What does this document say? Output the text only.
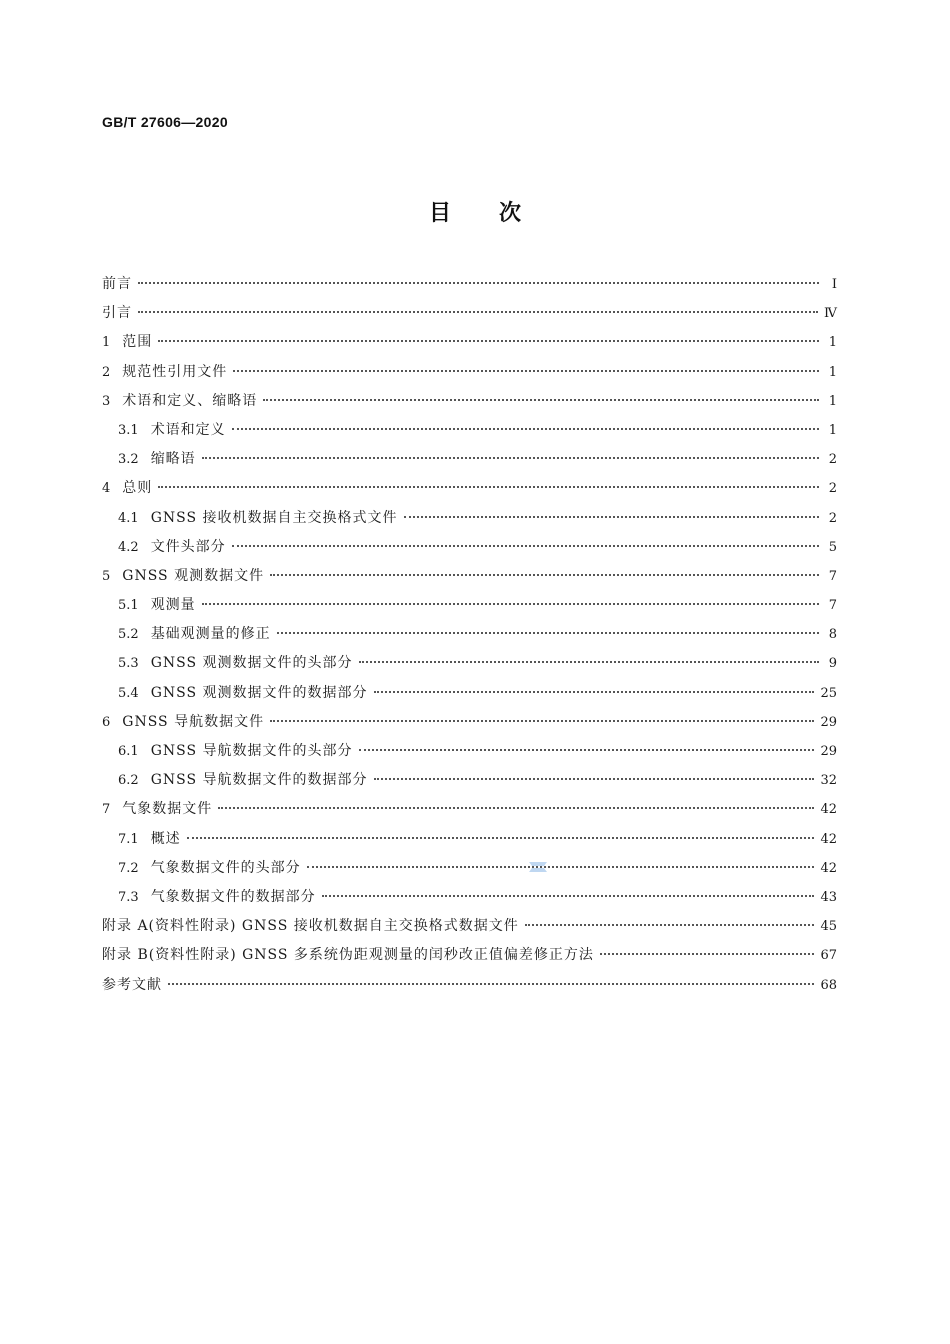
GB/T 27606—2020
目次
前言	Ⅰ
引言	Ⅳ
1 范围	1
2 规范性引用文件	1
3 术语和定义、缩略语	1
3.1 术语和定义	1
3.2 缩略语	2
4 总则	2
4.1 GNSS 接收机数据自主交换格式文件	2
4.2 文件头部分	5
5 GNSS 观测数据文件	7
5.1 观测量	7
5.2 基础观测量的修正	8
5.3 GNSS 观测数据文件的头部分	9
5.4 GNSS 观测数据文件的数据部分	25
6 GNSS 导航数据文件	29
6.1 GNSS 导航数据文件的头部分	29
6.2 GNSS 导航数据文件的数据部分	32
7 气象数据文件	42
7.1 概述	42
7.2 气象数据文件的头部分	42
7.3 气象数据文件的数据部分	43
附录 A(资料性附录) GNSS 接收机数据自主交换格式数据文件	45
附录 B(资料性附录) GNSS 多系统伪距观测量的闰秒改正值偏差修正方法	67
参考文献	68
